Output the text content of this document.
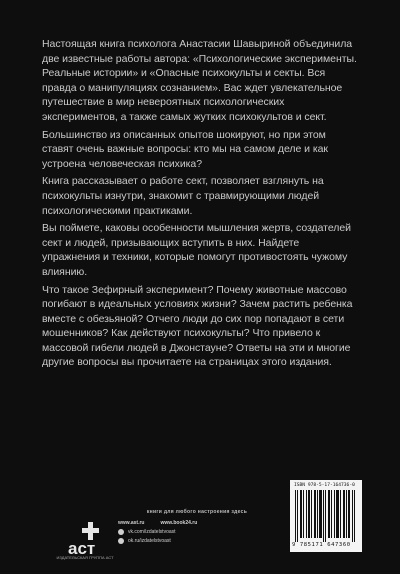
Настоящая книга психолога Анастасии Шавыриной объединила две известные работы автора: «Психологические эксперименты. Реальные истории» и «Опасные психокульты и секты. Вся правда о манипуляциях сознанием». Вас ждет увлекательное путешествие в мир невероятных психологических экспериментов, а также самых жутких психокультов и сект.

Большинство из описанных опытов шокируют, но при этом ставят очень важные вопросы: кто мы на самом деле и как устроена человеческая психика?

Книга рассказывает о работе сект, позволяет взглянуть на психокульты изнутри, знакомит с травмирующими людей психологическими практиками.

Вы поймете, каковы особенности мышления жертв, создателей сект и людей, призывающих вступить в них. Найдете упражнения и техники, которые помогут противостоять чужому влиянию.

Что такое Зефирный эксперимент? Почему животные массово погибают в идеальных условиях жизни? Зачем растить ребенка вместе с обезьяной? Отчего люди до сих пор попадают в сети мошенников? Как действуют психокульты? Что привело к массовой гибели людей в Джонстауне? Ответы на эти и многие другие вопросы вы прочитаете на страницах этого издания.

книги для любого настроения здесь
аст
ИЗДАТЕЛЬСКАЯ ГРУППА АСТ
www.ast.ru	www.book24.ru
vk.com/izdatelstvoast
ok.ru/izdatelstvoast
ISBN 978-5-17-164736-0
9 785171 647360
